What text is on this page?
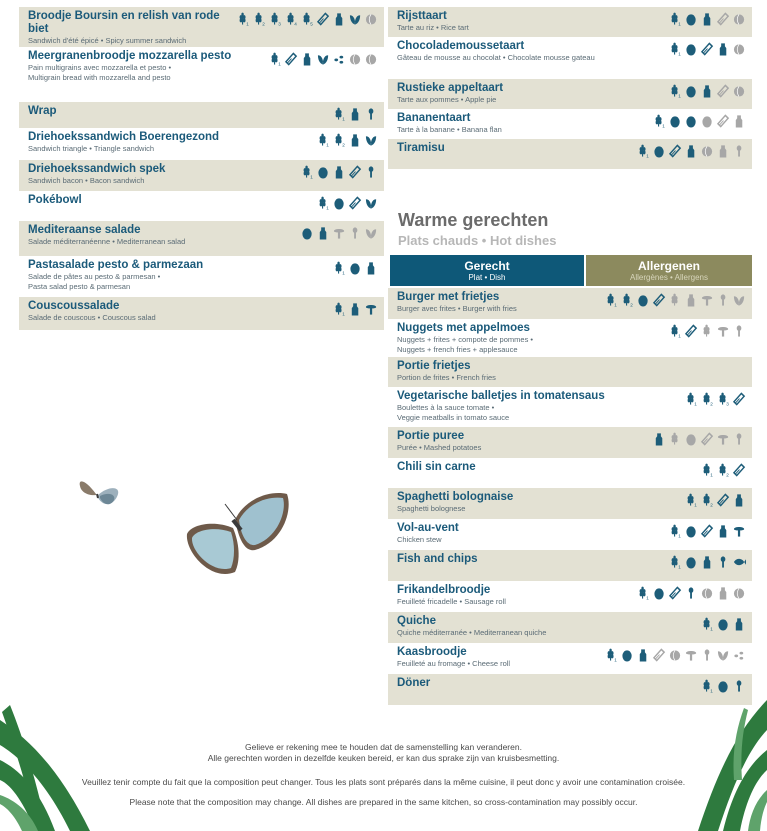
Broodje Boursin en relish van rode biet
Sandwich d'été épicé • Spicy summer sandwich
1	2	3	4	5
Meergranenbroodje mozzarella pesto
Pain multigrains avec mozzarella et pesto •
Multigrain bread with mozzarella and pesto
1
Wrap
1
Driehoekssandwich Boerengezond
Sandwich triangle • Triangle sandwich	1	2
Driehoekssandwich spek
Sandwich bacon • Bacon sandwich	1
Pokébowl
1
Mediteraanse salade
Salade méditerranéenne • Mediterranean salad
Pastasalade pesto & parmezaan
Salade de pâtes au pesto & parmesan •
Pasta salad pesto & parmesan
1
Couscoussalade
Salade de couscous • Couscous salad	1
Rijsttaart
Tarte au riz • Rice tart	1
Chocolademoussetaart
Gâteau de mousse au chocolat • Chocolate mousse gateau	1
Rustieke appeltaart
Tarte aux pommes • Apple pie	1
Bananentaart
Tarte à la banane • Banana flan	1
Tiramisu
1
Warme gerechten
Plats chauds • Hot dishes
Gerecht
Plat • Dish
Allergenen
Allergènes • Allergens
Burger met frietjes
Burger avec frites • Burger with fries	1	2
Nuggets met appelmoes
Nuggets + frites + compote de pommes •
Nuggets + french fries + applesauce
1
Portie frietjes
Portion de frites • French fries
Vegetarische balletjes in tomatensaus
Boulettes à la sauce tomate •
Veggie meatballs in tomato sauce
1	2	3
Portie puree
Purée • Mashed potatoes
Chili sin carne
1	2
Spaghetti bolognaise
Spaghetti bolognese	1	2
Vol-au-vent
Chicken stew	1
Fish and chips
1
Frikandelbroodje
Feuilleté fricadelle • Sausage roll	1
Quiche
Quiche méditerranée • Mediterranean quiche	1
Kaasbroodje
Feuilleté au fromage • Cheese roll	1
Döner
1
Gelieve er rekening mee te houden dat de samenstelling kan veranderen.
Alle gerechten worden in dezelfde keuken bereid, er kan dus sprake zijn van kruisbesmetting.
Veuillez tenir compte du fait que la composition peut changer. Tous les plats sont préparés dans la même cuisine, il peut donc y avoir une contamination croisée.
Please note that the composition may change. All dishes are prepared in the same kitchen, so cross-contamination may possibly occur.
